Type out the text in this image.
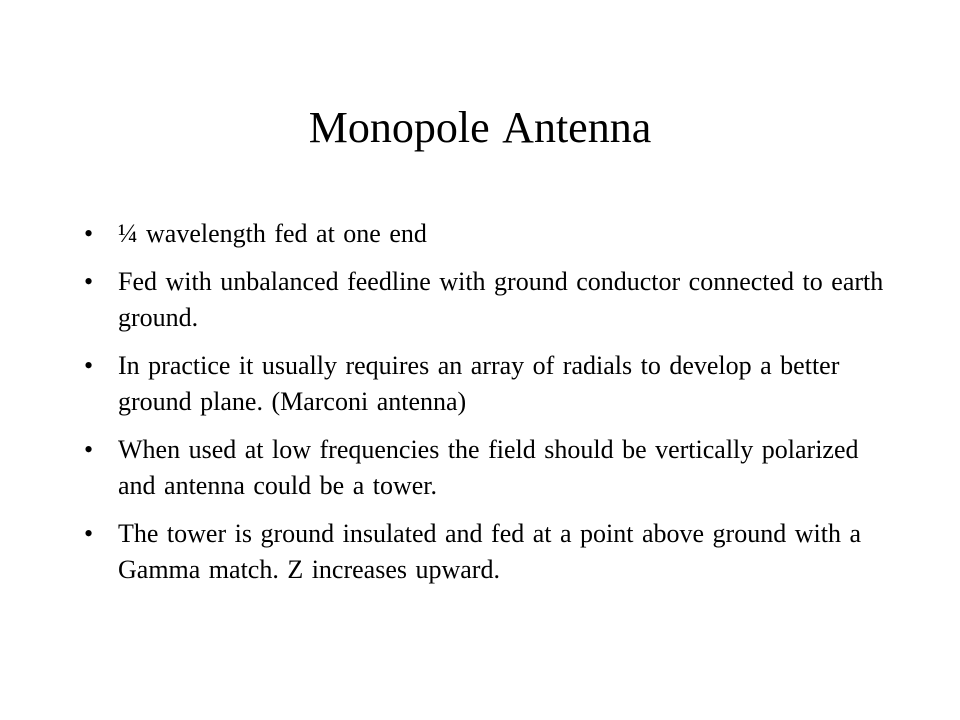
Monopole Antenna
• ¼ wavelength fed at one end
• Fed with unbalanced feedline with ground conductor connected to earth ground.
• In practice it usually requires an array of radials to develop a better ground plane. (Marconi antenna)
• When used at low frequencies the field should be vertically polarized and antenna could be a tower.
• The tower is ground insulated and fed at a point above ground with a Gamma match. Z increases upward.
